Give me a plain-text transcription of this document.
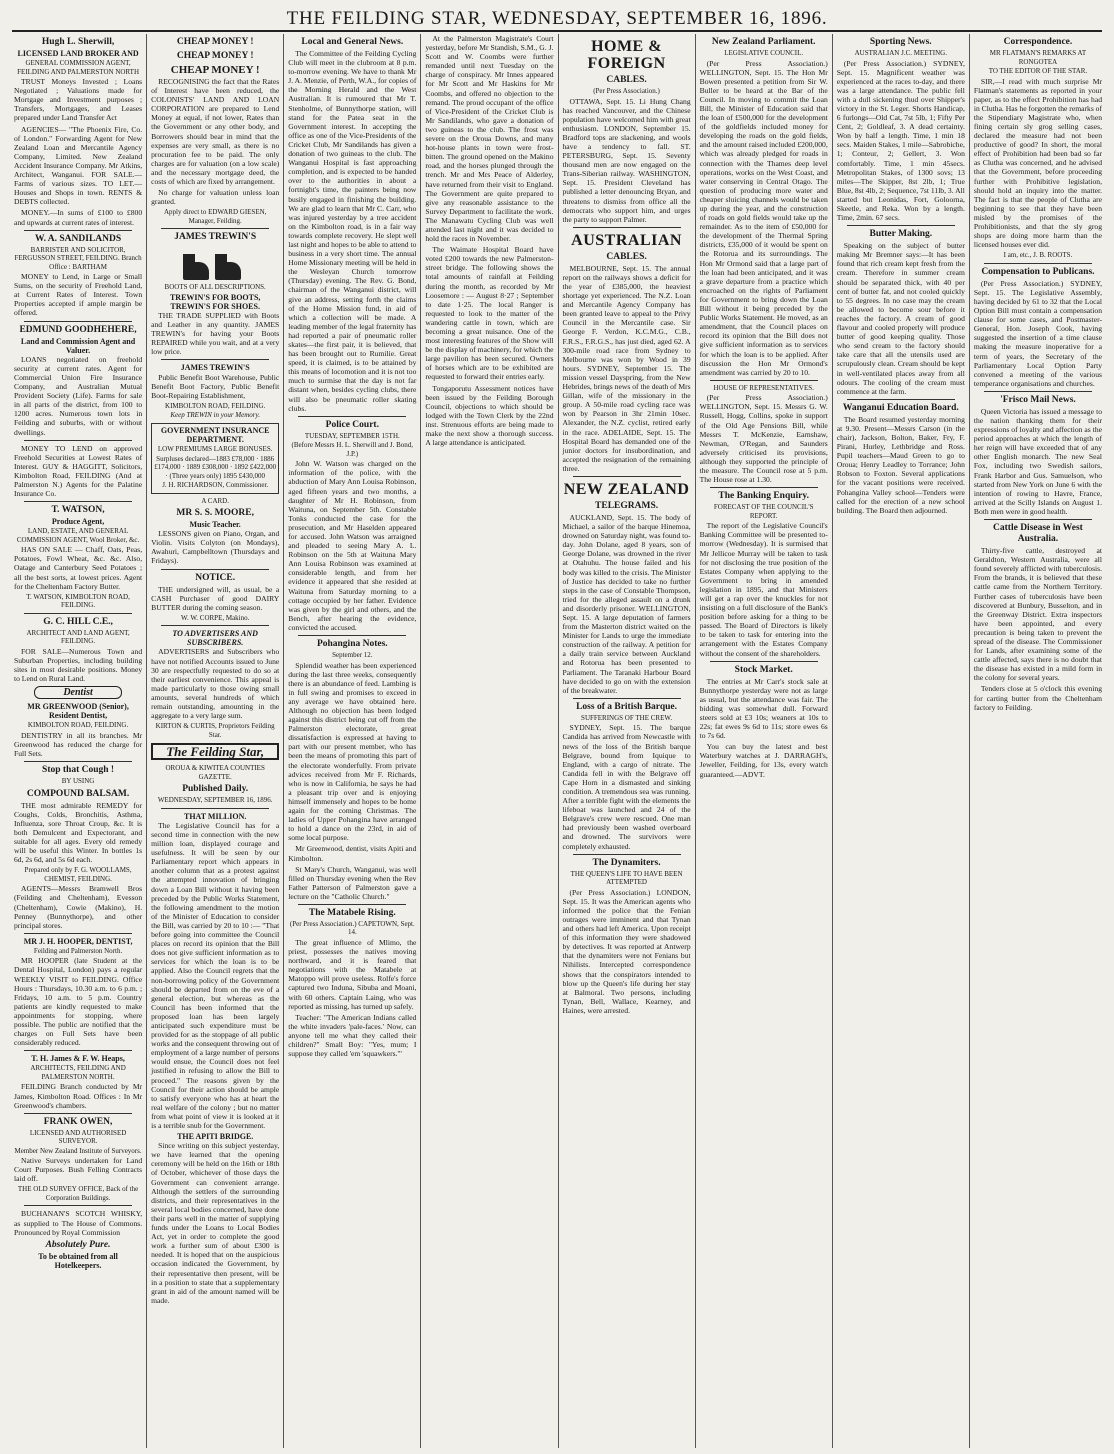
THE FEILDING STAR, WEDNESDAY, SEPTEMBER 16, 1896.
Hugh L. Sherwill,
LICENSED LAND BROKER AND
GENERAL COMMISSION AGENT, FEILDING AND PALMERSTON NORTH
TRUST Moneys Invested ; Loans Negotiated ; Valuations made for Mortgage and Investment purposes ; Transfers, Mortgages, and Leases prepared under Land Transfer Act
AGENCIES— "The Phoenix Fire, Co. of London." Forwarding Agent for New Zealand Loan and Mercantile Agency Company, Limited. New Zealand Accident Insurance Company. Mr Atkins, Architect, Wanganui. FOR SALE.—Farms of various sizes. TO LET.—Houses and Shops in town. RENTS & DEBTS collected.
MONEY.—In sums of £100 to £800 and upwards at current rates of interest.
W. A. SANDILANDS
BARRISTER AND SOLICITOR, FERGUSSON STREET, FEILDING. Branch Office : BARTHAM
MONEY to Lend, in Large or Small Sums, on the security of Freehold Land, at Current Rates of Interest. Town Properties accepted if ample margin be offered.
EDMUND GOODHEHERE,
Land and Commission Agent and Valuer.
LOANS negotiated on freehold security at current rates. Agent for Commercial Union Fire Insurance Company, and Australian Mutual Provident Society (Life). Farms for sale in all parts of the district, from 100 to 1200 acres. Numerous town lots in Feilding and suburbs, with or without dwellings.
MONEY TO LEND on approved Freehold Securities at Lowest Rates of Interest. GUY & HAGGITT, Solicitors, Kimbolton Road, FEILDING (And at Palmerston N.) Agents for the Palatine Insurance Co.
T. WATSON,
Produce Agent,
LAND, ESTATE, AND GENERAL COMMISSION AGENT, Wool Broker, &c.
HAS ON SALE — Chaff, Oats, Peas, Potatoes, Fowl Wheat, &c. &c. Also, Oatage and Canterbury Seed Potatoes ; all the best sorts, at lowest prices. Agent for the Cheltenham Factory Butter.
T. WATSON, KIMBOLTON ROAD, FEILDING.
G. C. HILL C.E.,
ARCHITECT AND LAND AGENT, FEILDING.
FOR SALE—Numerous Town and Suburban Properties, including building sites in most desirable positions. Money to Lend on Rural Land.
Dentist
MR GREENWOOD (Senior), Resident Dentist,
KIMBOLTON ROAD, FEILDING.
DENTISTRY in all its branches. Mr Greenwood has reduced the charge for Full Sets.
Stop that Cough !
BY USING
COMPOUND BALSAM.
THE most admirable REMEDY for Coughs, Colds, Bronchitis, Asthma, Influenza, sore Throat Croup, &c. It is both Demulcent and Expectorant, and suitable for all ages. Every old remedy will be useful this Winter. In bottles 1s 6d, 2s 6d, and 5s 6d each.
Prepared only by F. G. WOOLLAMS, CHEMIST, FEILDING.
AGENTS—Messrs Bramwell Bros (Feilding and Cheltenham), Evesson (Cheltenham), Cowie (Makino), H. Penney (Bunnythorpe), and other principal stores.
MR J. H. HOOPER, DENTIST,
Feilding and Palmerston North.
MR HOOPER (late Student at the Dental Hospital, London) pays a regular WEEKLY VISIT to FEILDING. Office Hours : Thursdays, 10.30 a.m. to 6 p.m. ; Fridays, 10 a.m. to 5 p.m. Country patients are kindly requested to make appointments for stopping, where possible. The public are notified that the charges on Full Sets have been considerably reduced.
T. H. James & F. W. Heaps,
ARCHITECTS, FEILDING AND PALMERSTON NORTH.
FEILDING Branch conducted by Mr James, Kimbolton Road. Offices : In Mr Greenwood's chambers.
FRANK OWEN,
LICENSED AND AUTHORISED SURVEYOR.
Member New Zealand Institute of Surveyors.
Native Surveys undertaken for Land Court Purposes. Bush Felling Contracts laid off.
THE OLD SURVEY OFFICE, Back of the Corporation Buildings.
BUCHANAN'S SCOTCH WHISKY, as supplied to The House of Commons. Pronounced by Royal Commission
Absolutely Pure.
To be obtained from all Hotelkeepers.
CHEAP MONEY !
CHEAP MONEY !
CHEAP MONEY !
RECOGNISING the fact that the Rates of Interest have been reduced, the COLONISTS' LAND AND LOAN CORPORATION are prepared to Lend Money at equal, if not lower, Rates than the Government or any other body, and Borrowers should bear in mind that the expenses are very small, as there is no procuration fee to be paid. The only charges are for valuation (on a low scale) and the necessary mortgage deed, the costs of which are fixed by arrangement.
No charge for valuation unless loan granted.
Apply direct to EDWARD GIESEN, Manager, Feilding.
JAMES TREWIN'S
BOOTS OF ALL DESCRIPTIONS.
TREWIN'S FOR BOOTS, TREWIN'S FOR SHOES.
THE TRADE SUPPLIED with Boots and Leather in any quantity. JAMES TREWIN's for having your Boots REPAIRED while you wait, and at a very low price.
JAMES TREWIN'S
Public Benefit Boot Warehouse, Public Benefit Boot Factory, Public Benefit Boot-Repairing Establishment,
KIMBOLTON ROAD, FEILDING.
Keep TREWIN in your Memory.
GOVERNMENT INSURANCE DEPARTMENT.
LOW PREMIUMS LARGE BONUSES.
Surpluses declared—1883 £78,000 · 1886 £174,000 · 1889 £308,000 · 1892 £422,000 · (Three years only) 1895 £430,000
J. H. RICHARDSON, Commissioner.
A CARD.
MR S. S. MOORE,
Music Teacher.
LESSONS given on Piano, Organ, and Violin. Visits Colyton (on Mondays), Awahuri, Campbelltown (Thursdays and Fridays).
NOTICE.
THE undersigned will, as usual, be a CASH Purchaser of good DAIRY BUTTER during the coming season.
W. W. CORPE, Makino.
TO ADVERTISERS AND SUBSCRIBERS.
ADVERTISERS and Subscribers who have not notified Accounts issued to June 30 are respectfully requested to do so at their earliest convenience. This appeal is made particularly to those owing small amounts, several hundreds of which remain outstanding, amounting in the aggregate to a very large sum.
KIRTON & CURTIS, Proprietors Feilding Star.
The Feilding Star,
OROUA & KIWITEA COUNTIES GAZETTE.
Published Daily.
WEDNESDAY, SEPTEMBER 16, 1896.
THAT MILLION.
The Legislative Council has for a second time in connection with the new million loan, displayed courage and usefulness. It will be seen by our Parliamentary report which appears in another column that as a protest against the attempted innovation of bringing down a Loan Bill without it having been preceded by the Public Works Statement, the following amendment to the motion of the Minister of Education to consider the Bill, was carried by 20 to 10 :— "That before going into committee the Council places on record its opinion that the Bill does not give sufficient information as to services for which the loan is to be applied. Also the Council regrets that the non-borrowing policy of the Government should be departed from on the eve of a general election, but whereas as the Council has been informed that the proposed loan has been largely anticipated such expenditure must be provided for as the stoppage of all public works and the consequent throwing out of employment of a large number of persons would ensue, the Council does not feel justified in refusing to allow the Bill to proceed." The reasons given by the Council for their action should be ample to satisfy everyone who has at heart the real welfare of the colony ; but no matter from what point of view it is looked at it is a terrible snub for the Government.
THE APITI BRIDGE.
Since writing on this subject yesterday, we have learned that the opening ceremony will be held on the 16th or 18th of October, whichever of those days the Government can convenient arrange. Although the settlers of the surrounding districts, and their representatives in the several local bodies concerned, have done their parts well in the matter of supplying funds under the Loans to Local Bodies Act, yet in order to complete the good work a further sum of about £300 is needed. It is hoped that on the auspicious occasion indicated the Government, by their representative then present, will be in a position to state that a supplementary grant in aid of the amount named will be made.
Local and General News.
The Committee of the Feilding Cycling Club will meet in the clubroom at 8 p.m. to-morrow evening. We have to thank Mr J. A. Menzie, of Perth, W.A., for copies of the Morning Herald and the West Australian. It is rumoured that Mr T. Stenholme, of Bunnythorpe station, will stand for the Patea seat in the Government interest. In accepting the office as one of the Vice-Presidents of the Cricket Club, Mr Sandilands has given a donation of two guineas to the club. The Wanganui Hospital is fast approaching completion, and is expected to be handed over to the authorities in about a fortnight's time, the painters being now busily engaged in finishing the building. We are glad to learn that Mr C. Carr, who was injured yesterday by a tree accident on the Kimbolton road, is in a fair way towards complete recovery. He slept well last night and hopes to be able to attend to business in a very short time. The annual Home Missionary meeting will be held in the Wesleyan Church tomorrow (Thursday) evening. The Rev. G. Bond, chairman of the Wanganui district, will give an address, setting forth the claims of the Home Mission fund, in aid of which a collection will be made. A leading member of the legal fraternity has had reported a pair of pneumatic roller skates—the first pair, it is believed, that has been brought out to Rumilie. Great speed, it is claimed, is to be attained by this means of locomotion and it is not too much to surmise that the day is not far distant when, besides cycling clubs, there will also be pneumatic roller skating clubs.
Police Court.
TUESDAY, SEPTEMBER 15TH.
(Before Messrs H. L. Sherwill and J. Bond, J.P.)
John W. Watson was charged on the information of the police, with the abduction of Mary Ann Louisa Robinson, aged fifteen years and two months, a daughter of Mr H. Robinson, from Waituna, on September 5th. Constable Tonks conducted the case for the prosecution, and Mr Haselden appeared for accused. John Watson was arraigned and pleaded to seeing Mary A. L. Robinson on the 5th at Waituna Mary Ann Louisa Robinson was examined at considerable length, and from her evidence it appeared that she resided at Waituna from Saturday morning to a cottage occupied by her father. Evidence was given by the girl and others, and the Bench, after hearing the evidence, convicted the accused.
Pohangina Notes.
September 12.
Splendid weather has been experienced during the last three weeks, consequently there is an abundance of feed. Lambing is in full swing and promises to exceed in any average we have obtained here. Although no objection has been lodged against this district being cut off from the Palmerston electorate, great dissatisfaction is expressed at having to part with our present member, who has been the means of promoting this part of the electorate wonderfully. From private advices received from Mr F. Richards, who is now in California, he says he had a pleasant trip over and is enjoying himself immensely and hopes to be home again for the coming Christmas. The ladies of Upper Pohangina have arranged to hold a dance on the 23rd, in aid of some local purpose.
Mr Greenwood, dentist, visits Apiti and Kimbolton.
St Mary's Church, Wanganui, was well filled on Thursday evening when the Rev Father Patterson of Palmerston gave a lecture on the "Catholic Church."
The Matabele Rising.
(Per Press Association.) CAPETOWN, Sept. 14.
The great influence of Mlimo, the priest, possesses the natives moving northward, and it is feared that negotiations with the Matabele at Matoppo will prove useless. Rolfe's force captured two Induna, Sibuba and Moani, with 60 others. Captain Laing, who was reported as missing, has turned up safely.
Teacher: "The American Indians called the white invaders 'pale-faces.' Now, can anyone tell me what they called their children?" Small Boy: "Yes, mum; I suppose they called 'em 'squawkers.'"
At the Palmerston Magistrate's Court yesterday, before Mr Standish, S.M., G. J. Scott and W. Coombs were further remanded until next Tuesday on the charge of conspiracy. Mr Innes appeared for Mr Scott and Mr Haskins for Mr Coombs, and offered no objection to the remand. The proud occupant of the office of Vice-President of the Cricket Club is Mr Sandilands, who gave a donation of two guineas to the club. The frost was severe on the Oroua Downs, and many hot-house plants in town were frost-bitten. The ground opened on the Makino road, and the horses plunged through the trench. Mr and Mrs Peace of Alderley, have returned from their visit to England. The Government are quite prepared to give any reasonable assistance to the Survey Department to facilitate the work. The Manawatu Cycling Club was well attended last night and it was decided to hold the races in November.
The Waimate Hospital Board have voted £200 towards the new Palmerston-street bridge. The following shows the total amounts of rainfall at Feilding during the month, as recorded by Mr Loosemore : — August 8·27 ; September to date 1·25. The local Ranger is requested to look to the matter of the wandering cattle in town, which are becoming a great nuisance. One of the most interesting features of the Show will be the display of machinery, for which the large pavilion has been secured. Owners of horses which are to be exhibited are requested to forward their entries early.
Tongaporutu Assessment notices have been issued by the Feilding Borough Council, objections to which should be lodged with the Town Clerk by the 22nd inst. Strenuous efforts are being made to make the next show a thorough success. A large attendance is anticipated.
HOME & FOREIGN
CABLES.
(Per Press Association.)
OTTAWA, Sept. 15. Li Hung Chang has reached Vancouver, and the Chinese population have welcomed him with great enthusiasm. LONDON, September 15. Bradford tops are slackening, and wools have a tendency to fall. ST. PETERSBURG, Sept. 15. Seventy thousand men are now engaged on the Trans-Siberian railway. WASHINGTON, Sept. 15. President Cleveland has published a letter denouncing Bryan, and threatens to dismiss from office all the democrats who support him, and urges the party to support Palmer.
AUSTRALIAN
CABLES.
MELBOURNE, Sept. 15. The annual report on the railways shows a deficit for the year of £385,000, the heaviest shortage yet experienced. The N.Z. Loan and Mercantile Agency Company has been granted leave to appeal to the Privy Council in the Mercantile case. Sir George F. Verdon, K.C.M.G., C.B., F.R.S., F.R.G.S., has just died, aged 62. A 300-mile road race from Sydney to Melbourne was won by Wood in 39 hours. SYDNEY, September 15. The mission vessel Dayspring, from the New Hebrides, brings news of the death of Mrs Gillan, wife of the missionary in the group. A 50-mile road cycling race was won by Pearson in 3hr 21min 10sec. Alexander, the N.Z. cyclist, retired early in the race. ADELAIDE, Sept. 15. The Hospital Board has demanded one of the junior doctors for insubordination, and accepted the resignation of the remaining three.
NEW ZEALAND
TELEGRAMS.
AUCKLAND, Sept. 15. The body of Michael, a sailor of the barque Hinemoa, drowned on Saturday night, was found to-day. John Dolane, aged 8 years, son of George Dolane, was drowned in the river at Otahuhu. The house failed and his body was killed to the crisis. The Minister of Justice has decided to take no further steps in the case of Constable Thompson, tried for the alleged assault on a drunk and disorderly prisoner. WELLINGTON, Sept. 15. A large deputation of farmers from the Masterton district waited on the Minister for Lands to urge the immediate construction of the railway. A petition for a daily train service between Auckland and Rotorua has been presented to Parliament. The Taranaki Harbour Board have decided to go on with the extension of the breakwater.
Loss of a British Barque.
SUFFERINGS OF THE CREW.
SYDNEY, Sept. 15. The barque Candida has arrived from Newcastle with news of the loss of the British barque Belgrave, bound from Iquique to England, with a cargo of nitrate. The Candida fell in with the Belgrave off Cape Horn in a dismasted and sinking condition. A tremendous sea was running. After a terrible fight with the elements the lifeboat was launched and 24 of the Belgrave's crew were rescued. One man had previously been washed overboard and drowned. The survivors were completely exhausted.
The Dynamiters.
THE QUEEN'S LIFE TO HAVE BEEN ATTEMPTED
(Per Press Association.) LONDON, Sept. 15. It was the American agents who informed the police that the Fenian outrages were imminent and that Tynan and others had left America. Upon receipt of this information they were shadowed by detectives. It was reported at Antwerp that the dynamiters were not Fenians but Nihilists. Intercepted correspondence shows that the conspirators intended to blow up the Queen's life during her stay at Balmoral. Two persons, including Tynan, Bell, Wallace, Kearney, and Haines, were arrested.
New Zealand Parliament.
LEGISLATIVE COUNCIL.
(Per Press Association.) WELLINGTON, Sept. 15. The Hon Mr Bowen presented a petition from Sir W. Buller to be heard at the Bar of the Council. In moving to commit the Loan Bill, the Minister of Education said that the loan of £500,000 for the development of the goldfields included money for developing the roads on the gold fields, and the amount raised included £200,000, which was already pledged for roads in connection with the Thames deep level operations, works on the West Coast, and water conserving in Central Otago. The question of producing more water and cheaper sluicing channels would be taken up during the year, and the construction of roads on gold fields would take up the remainder. As to the item of £50,000 for the development of the Thermal Spring districts, £35,000 of it would be spent on the Rotorua and its surroundings. The Hon Mr Ormond said that a large part of the loan had been anticipated, and it was a grave departure from a practice which encroached on the rights of Parliament for Government to bring down the Loan Bill without it being preceded by the Public Works Statement. He moved, as an amendment, that the Council places on record its opinion that the Bill does not give sufficient information as to services for which the loan is to be applied. After discussion the Hon Mr Ormond's amendment was carried by 20 to 10.
HOUSE OF REPRESENTATIVES.
(Per Press Association.) WELLINGTON, Sept. 15. Messrs G. W. Russell, Hogg, Collins, spoke in support of the Old Age Pensions Bill, while Messrs T. McKenzie, Earnshaw, Newman, O'Regan, and Saunders adversely criticised its provisions, although they supported the principle of the measure. The Council rose at 5 p.m. The House rose at 1.30.
The Banking Enquiry.
FORECAST OF THE COUNCIL'S REPORT.
The report of the Legislative Council's Banking Committee will be presented to-morrow (Wednesday). It is surmised that Mr Jellicoe Murray will be taken to task for not disclosing the true position of the Estates Company when applying to the Government to bring in amended legislation in 1895, and that Ministers will get a rap over the knuckles for not insisting on a full disclosure of the Bank's position before asking for a thing to be passed. The Board of Directors is likely to be taken to task for entering into the arrangement with the Estates Company without the consent of the shareholders.
Stock Market.
The entries at Mr Carr's stock sale at Bunnythorpe yesterday were not as large as usual, but the attendance was fair. The bidding was somewhat dull. Forward steers sold at £3 10s; weaners at 10s to 22s; fat ewes 9s 6d to 11s; store ewes 6s to 7s 6d.
You can buy the latest and best Waterbury watches at J. DARRAGH's, Jeweller, Feilding, for 13s, every watch guaranteed.—ADVT.
Sporting News.
AUSTRALIAN J.C. MEETING.
(Per Press Association.) SYDNEY, Sept. 15. Magnificent weather was experienced at the races to-day, and there was a large attendance. The public fell with a dull sickening thud over Shipper's victory in the St. Leger. Shorts Handicap, 6 furlongs—Old Cat, 7st 5lb, 1; Fifty Per Cent, 2; Goldleaf, 3. A dead certainty. Won by half a length. Time, 1 min 18 secs. Maiden Stakes, 1 mile—Sabrobiche, 1; Conteur, 2; Gellert, 3. Won comfortably. Time, 1 min 45secs. Metropolitan Stakes, of 1300 sovs; 13 miles—The Skipper, 8st 2lb, 1; True Blue, 8st 4lb, 2; Sequence, 7st 11lb, 3. All started but Leonidas, Fort, Goloorna, Skeetle, and Reka. Won by a length. Time, 2min. 67 secs.
Butter Making.
Speaking on the subject of butter making Mr Bremner says:—It has been found that rich cream kept fresh from the cream. Therefore in summer cream should be separated thick, with 40 per cent of butter fat, and not cooled quickly to 55 degrees. In no case may the cream be allowed to become sour before it reaches the factory. A cream of good flavour and cooled properly will produce butter of good keeping quality. Those who send cream to the factory should take care that all the utensils used are scrupulously clean. Cream should be kept in well-ventilated places away from all odours. The cooling of the cream must commence at the farm.
Wanganui Education Board.
The Board resumed yesterday morning at 9.30. Present—Messrs Carson (in the chair), Jackson, Bolton, Baker, Fry, F. Pirani, Hurley, Lethbridge and Ross. Pupil teachers—Maud Green to go to Oroua; Henry Leadley to Torrance; John Robson to Foxton. Several applications for the vacant positions were received. Pohangina Valley school—Tenders were called for the erection of a new school building. The Board then adjourned.
Correspondence.
MR FLATMAN'S REMARKS AT RONGOTEA
TO THE EDITOR OF THE STAR.
SIR,—I read with much surprise Mr Flatman's statements as reported in your paper, as to the effect Prohibition has had in Clutha. Has he forgotten the remarks of the Stipendiary Magistrate who, when fining certain sly grog selling cases, declared the measure had not been productive of good? In short, the moral effect of Prohibition had been bad so far as Clutha was concerned, and he advised that the Government, before proceeding further with Prohibitive legislation, should hold an inquiry into the matter. The fact is that the people of Clutha are beginning to see that they have been misled by the promises of the Prohibitionists, and that the sly grog shops are doing more harm than the licensed houses ever did.
I am, etc., J. B. ROOTS.
Compensation to Publicans.
(Per Press Association.) SYDNEY, Sept. 15. The Legislative Assembly, having decided by 61 to 32 that the Local Option Bill must contain a compensation clause for some cases, and Postmaster-General, Hon. Joseph Cook, having suggested the insertion of a time clause making the measure inoperative for a term of years, the Secretary of the Parliamentary Local Option Party convened a meeting of the various temperance organisations and churches.
'Frisco Mail News.
Queen Victoria has issued a message to the nation thanking them for their expressions of loyalty and affection as the period approaches at which the length of her reign will have exceeded that of any other English monarch. The new Seal Fox, including two Swedish sailors, Frank Harbor and Gus. Samuelson, who started from New York on June 6 with the intention of rowing to Havre, France, arrived at the Scilly Islands on August 1. Both men were in good health.
Cattle Disease in West Australia.
Thirty-five cattle, destroyed at Geraldton, Western Australia, were all found severely afflicted with tuberculosis. From the brands, it is believed that these cattle came from the Northern Territory. Further cases of tuberculosis have been discovered at Bunbury, Busselton, and in the Greenway District. Extra inspectors have been appointed, and every precaution is being taken to prevent the spread of the disease. The Commissioner for Lands, after examining some of the cattle affected, says there is no doubt that the disease has existed in a mild form in the colony for several years.
Tenders close at 5 o'clock this evening for carting butter from the Cheltenham factory to Feilding.
